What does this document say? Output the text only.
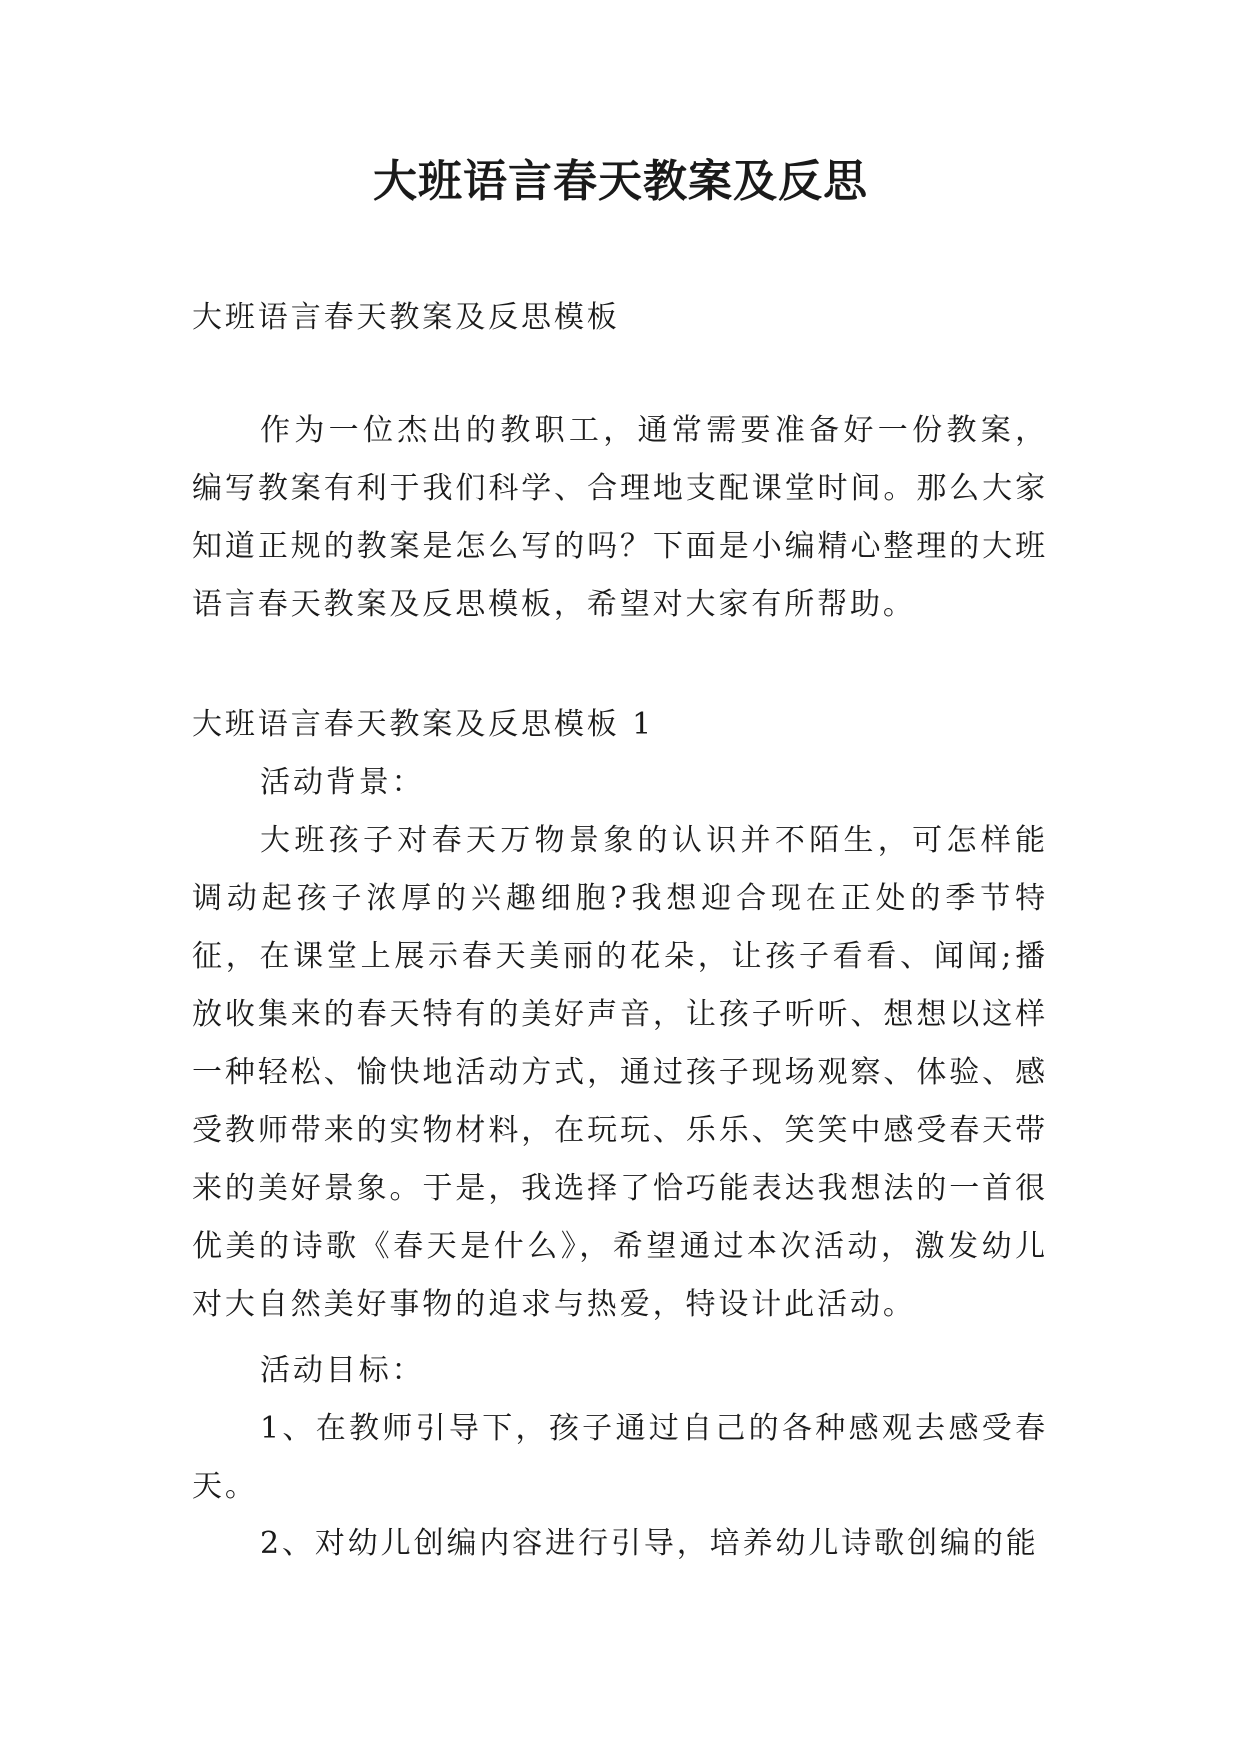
大班语言春天教案及反思

大班语言春天教案及反思模板

作为一位杰出的教职工，通常需要准备好一份教案，编写教案有利于我们科学、合理地支配课堂时间。那么大家知道正规的教案是怎么写的吗？下面是小编精心整理的大班语言春天教案及反思模板，希望对大家有所帮助。

大班语言春天教案及反思模板 1

活动背景：

大班孩子对春天万物景象的认识并不陌生，可怎样能调动起孩子浓厚的兴趣细胞?我想迎合现在正处的季节特征，在课堂上展示春天美丽的花朵，让孩子看看、闻闻;播放收集来的春天特有的美好声音，让孩子听听、想想以这样一种轻松、愉快地活动方式，通过孩子现场观察、体验、感受教师带来的实物材料，在玩玩、乐乐、笑笑中感受春天带来的美好景象。于是，我选择了恰巧能表达我想法的一首很优美的诗歌《春天是什么》，希望通过本次活动，激发幼儿对大自然美好事物的追求与热爱，特设计此活动。

活动目标：

1、在教师引导下，孩子通过自己的各种感观去感受春天。

2、对幼儿创编内容进行引导，培养幼儿诗歌创编的能
